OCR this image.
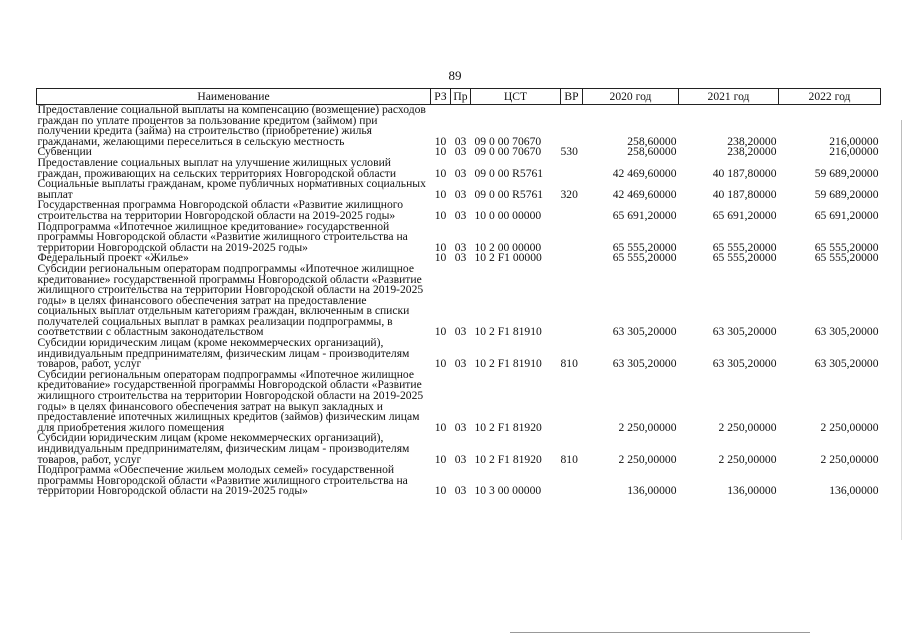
89
Наименование	РЗ	Пр	ЦСТ	ВР	2020 год	2021 год	2022 год
Предоставление социальной выплаты на компенсацию (возмещение) расходов граждан по уплате процентов за пользование кредитом (займом) при получении кредита (займа) на строительство (приобретение) жилья гражданами, желающими переселиться в сельскую местность	10	03	09 0 00 70670		258,60000	238,20000	216,00000
Субвенции	10	03	09 0 00 70670	530	258,60000	238,20000	216,00000
Предоставление социальных выплат на улучшение жилищных условий граждан, проживающих на сельских территориях Новгородской области	10	03	09 0 00 R5761		42 469,60000	40 187,80000	59 689,20000
Социальные выплаты гражданам, кроме публичных нормативных социальных выплат	10	03	09 0 00 R5761	320	42 469,60000	40 187,80000	59 689,20000
Государственная программа Новгородской области «Развитие жилищного строительства на территории Новгородской области на 2019-2025 годы»	10	03	10 0 00 00000		65 691,20000	65 691,20000	65 691,20000
Подпрограмма «Ипотечное жилищное кредитование» государственной программы Новгородской области «Развитие жилищного строительства на территории Новгородской области на 2019-2025 годы»	10	03	10 2 00 00000		65 555,20000	65 555,20000	65 555,20000
Федеральный проект «Жилье»	10	03	10 2 F1 00000		65 555,20000	65 555,20000	65 555,20000
Субсидии региональным операторам подпрограммы «Ипотечное жилищное кредитование» государственной программы Новгородской области «Развитие жилищного строительства на территории Новгородской области на 2019-2025 годы» в целях финансового обеспечения затрат на предоставление социальных выплат отдельным категориям граждан, включенным в списки получателей социальных выплат в рамках реализации подпрограммы, в соответствии с областным законодательством	10	03	10 2 F1 81910		63 305,20000	63 305,20000	63 305,20000
Субсидии юридическим лицам (кроме некоммерческих организаций), индивидуальным предпринимателям, физическим лицам - производителям товаров, работ, услуг	10	03	10 2 F1 81910	810	63 305,20000	63 305,20000	63 305,20000
Субсидии региональным операторам подпрограммы «Ипотечное жилищное кредитование» государственной программы Новгородской области «Развитие жилищного строительства на территории Новгородской области на 2019-2025 годы» в целях финансового обеспечения затрат на выкуп закладных и предоставление ипотечных жилищных кредитов (займов) физическим лицам для приобретения жилого помещения	10	03	10 2 F1 81920		2 250,00000	2 250,00000	2 250,00000
Субсидии юридическим лицам (кроме некоммерческих организаций), индивидуальным предпринимателям, физическим лицам - производителям товаров, работ, услуг	10	03	10 2 F1 81920	810	2 250,00000	2 250,00000	2 250,00000
Подпрограмма «Обеспечение жильем молодых семей» государственной программы Новгородской области «Развитие жилищного строительства на территории Новгородской области на 2019-2025 годы»	10	03	10 3 00 00000		136,00000	136,00000	136,00000
